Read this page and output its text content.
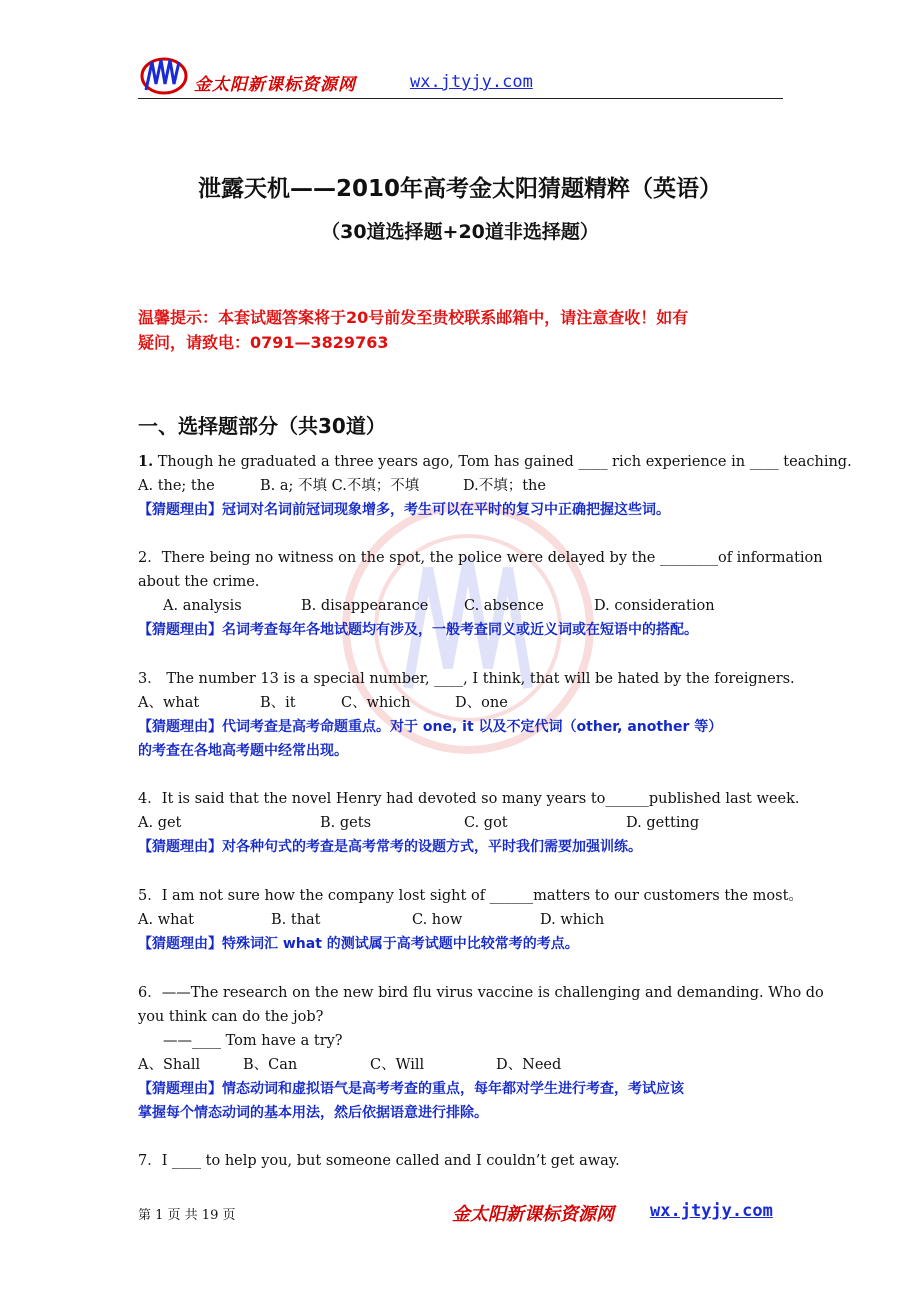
金太阳新课标资源网	wx.jtyjy.com
泄露天机——2010年高考金太阳猜题精粹（英语）
（30道选择题+20道非选择题）
温馨提示：本套试题答案将于20号前发至贵校联系邮箱中，请注意查收！如有
疑问，请致电：0791—3829763
一、选择题部分（共30道）
1. Though he graduated a three years ago, Tom has gained ____ rich experience in ____ teaching.
A. the; the	B. a; 不填 C.不填；不填	D.不填；the
【猜题理由】冠词对名词前冠词现象增多，考生可以在平时的复习中正确把握这些词。
2．There being no witness on the spot, the police were delayed by the ________of information
about the crime.
A. analysis	B. disappearance C. absence	D. consideration
【猜题理由】名词考查每年各地试题均有涉及，一般考查同义或近义词或在短语中的搭配。
3． The number 13 is a special number, ____, I think, that will be hated by the foreigners.
A、what	B、it	C、which	D、one
【猜题理由】代词考查是高考命题重点。对于 one, it 以及不定代词（other, another 等）
的考查在各地高考题中经常出现。
4．It is said that the novel Henry had devoted so many years to______published last week.
A. get	B. gets	C. got	D. getting
【猜题理由】对各种句式的考查是高考常考的设题方式，平时我们需要加强训练。
5．I am not sure how the company lost sight of ______matters to our customers the most。
A. what	B. that	C. how	D. which
【猜题理由】特殊词汇 what 的测试属于高考试题中比较常考的考点。
6．——The research on the new bird flu virus vaccine is challenging and demanding. Who do
you think can do the job?
——____ Tom have a try?
A、Shall	B、Can	C、Will	D、Need
【猜题理由】情态动词和虚拟语气是高考考查的重点，每年都对学生进行考查，考试应该
掌握每个情态动词的基本用法，然后依据语意进行排除。
7．I ____ to help you, but someone called and I couldn’t get away.
第 1 页 共 19 页	金太阳新课标资源网 wx.jtyjy.com
